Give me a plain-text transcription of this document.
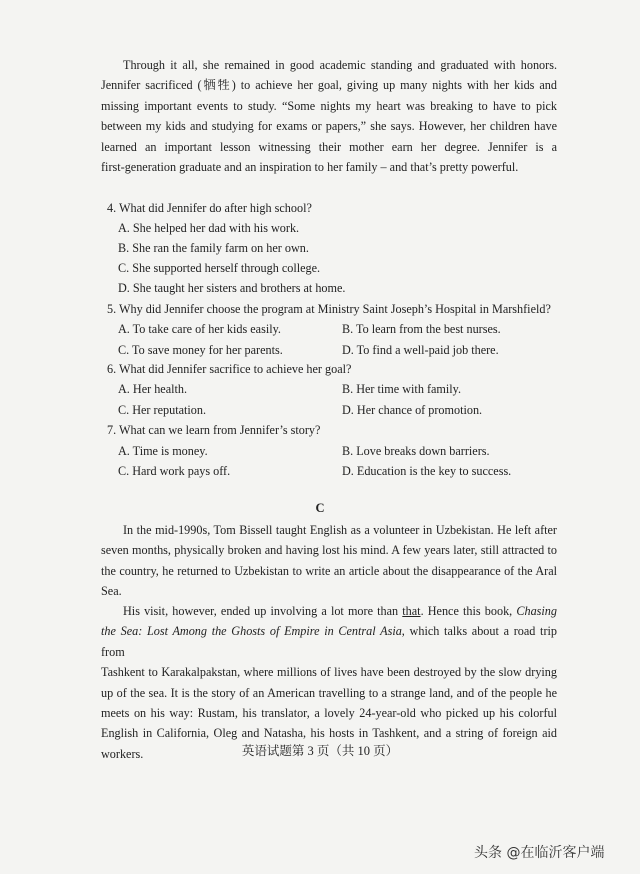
Through it all, she remained in good academic standing and graduated with honors.
Jennifer sacrificed (牺牲) to achieve her goal, giving up many nights with her kids and
missing important events to study. “Some nights my heart was breaking to have to pick
between my kids and studying for exams or papers,” she says. However, her children have
learned an important lesson witnessing their mother earn her degree. Jennifer is a
first-generation graduate and an inspiration to her family – and that’s pretty powerful.
4. What did Jennifer do after high school?
A. She helped her dad with his work.
B. She ran the family farm on her own.
C. She supported herself through college.
D. She taught her sisters and brothers at home.
5. Why did Jennifer choose the program at Ministry Saint Joseph’s Hospital in Marshfield?
A. To take care of her kids easily.	B. To learn from the best nurses.
C. To save money for her parents.	D. To find a well-paid job there.
6. What did Jennifer sacrifice to achieve her goal?
A. Her health.	B. Her time with family.
C. Her reputation.	D. Her chance of promotion.
7. What can we learn from Jennifer’s story?
A. Time is money.	B. Love breaks down barriers.
C. Hard work pays off.	D. Education is the key to success.
C
In the mid-1990s, Tom Bissell taught English as a volunteer in Uzbekistan. He left after
seven months, physically broken and having lost his mind. A few years later, still attracted to
the country, he returned to Uzbekistan to write an article about the disappearance of the Aral
Sea.
His visit, however, ended up involving a lot more than that. Hence this book, Chasing
the Sea: Lost Among the Ghosts of Empire in Central Asia, which talks about a road trip from
Tashkent to Karakalpakstan, where millions of lives have been destroyed by the slow drying
up of the sea. It is the story of an American travelling to a strange land, and of the people he
meets on his way: Rustam, his translator, a lovely 24-year-old who picked up his colorful
English in California, Oleg and Natasha, his hosts in Tashkent, and a string of foreign aid
workers.	英语试题第 3 页（共 10 页）
头条 @在临沂客户端
